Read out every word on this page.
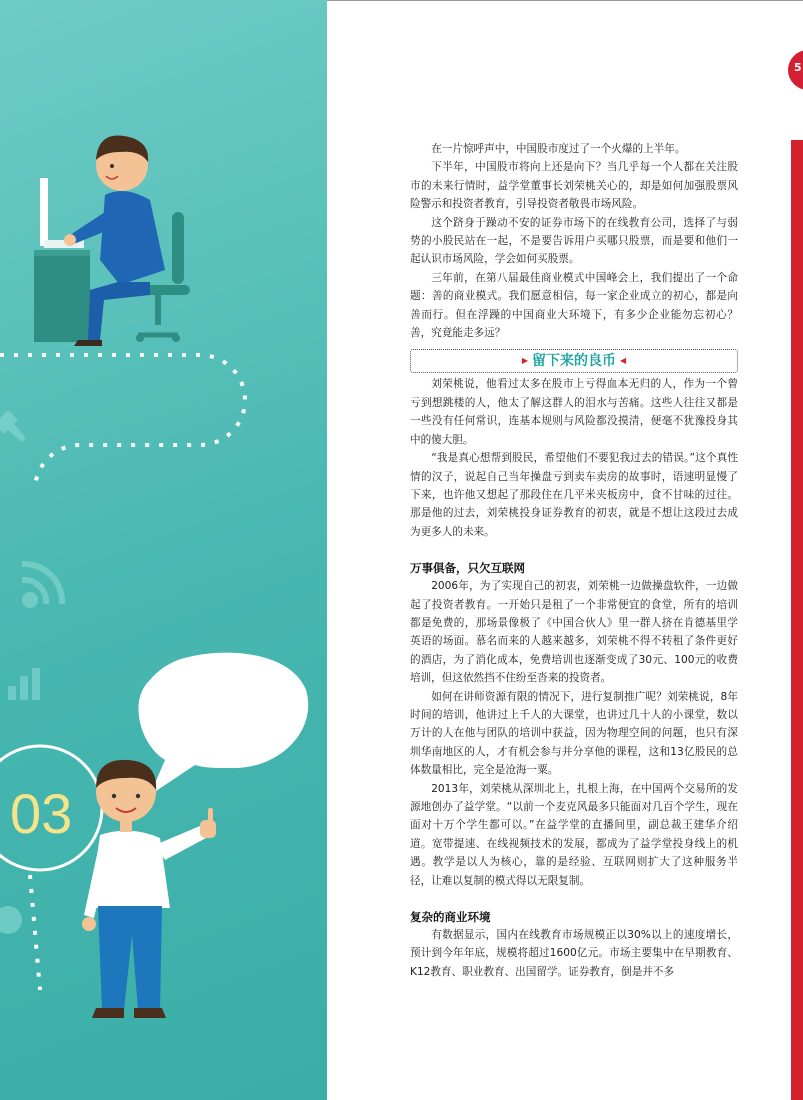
03
5

在一片惊呼声中，中国股市度过了一个火爆的上半年。

下半年，中国股市将向上还是向下？当几乎每一个人都在关注股市的未来行情时，益学堂董事长刘荣桃关心的，却是如何加强股票风险警示和投资者教育，引导投资者敬畏市场风险。

这个跻身于躁动不安的证券市场下的在线教育公司，选择了与弱势的小股民站在一起，不是要告诉用户买哪只股票，而是要和他们一起认识市场风险，学会如何买股票。

三年前，在第八届最佳商业模式中国峰会上，我们提出了一个命题：善的商业模式。我们愿意相信，每一家企业成立的初心，都是向善而行。但在浮躁的中国商业大环境下，有多少企业能勿忘初心？善，究竟能走多远？

▶ 留下来的良币 ◀

刘荣桃说，他看过太多在股市上亏得血本无归的人，作为一个曾亏到想跳楼的人，他太了解这群人的泪水与苦痛。这些人往往又都是一些没有任何常识，连基本规则与风险都没摸清，便毫不犹豫投身其中的傻大胆。

“我是真心想帮到股民，希望他们不要犯我过去的错误。”这个真性情的汉子，说起自己当年操盘亏到卖车卖房的故事时，语速明显慢了下来，也许他又想起了那段住在几平米夹板房中，食不甘味的过往。那是他的过去，刘荣桃投身证券教育的初衷，就是不想让这段过去成为更多人的未来。

万事俱备，只欠互联网

2006年，为了实现自己的初衷，刘荣桃一边做操盘软件，一边做起了投资者教育。一开始只是租了一个非常便宜的食堂，所有的培训都是免费的，那场景像极了《中国合伙人》里一群人挤在肯德基里学英语的场面。慕名而来的人越来越多，刘荣桃不得不转租了条件更好的酒店，为了消化成本，免费培训也逐渐变成了30元、100元的收费培训，但这依然挡不住纷至沓来的投资者。

如何在讲师资源有限的情况下，进行复制推广呢？刘荣桃说，8年时间的培训，他讲过上千人的大课堂，也讲过几十人的小课堂，数以万计的人在他与团队的培训中获益，因为物理空间的问题，也只有深圳华南地区的人，才有机会参与并分享他的课程，这和13亿股民的总体数量相比，完全是沧海一粟。

2013年，刘荣桃从深圳北上，扎根上海，在中国两个交易所的发源地创办了益学堂。“以前一个麦克风最多只能面对几百个学生，现在面对十万个学生都可以。”在益学堂的直播间里，副总裁王建华介绍道。宽带提速、在线视频技术的发展，都成为了益学堂投身线上的机遇。教学是以人为核心，靠的是经验、互联网则扩大了这种服务半径，让难以复制的模式得以无限复制。

复杂的商业环境

有数据显示，国内在线教育市场规模正以30%以上的速度增长，预计到今年年底，规模将超过1600亿元。市场主要集中在早期教育、K12教育、职业教育、出国留学。证券教育，倒是并不多
